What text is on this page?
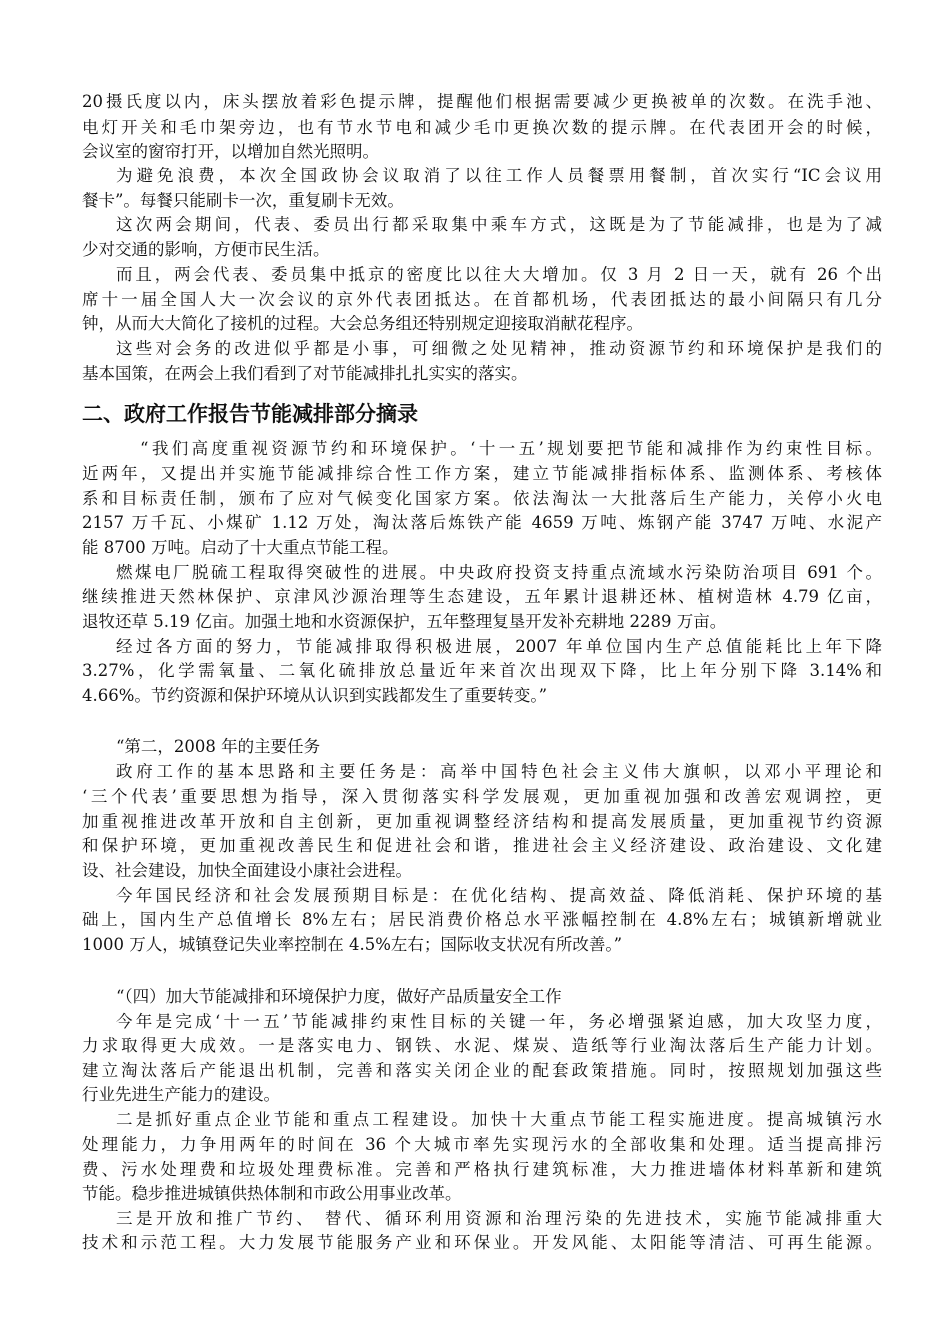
20摄氏度以内，床头摆放着彩色提示牌，提醒他们根据需要减少更换被单的次数。在洗手池、
电灯开关和毛巾架旁边，也有节水节电和减少毛巾更换次数的提示牌。在代表团开会的时候，
会议室的窗帘打开，以增加自然光照明。
为避免浪费，本次全国政协会议取消了以往工作人员餐票用餐制，首次实行“IC会议用
餐卡”。每餐只能刷卡一次，重复刷卡无效。
这次两会期间，代表、委员出行都采取集中乘车方式，这既是为了节能减排，也是为了减
少对交通的影响，方便市民生活。
而且，两会代表、委员集中抵京的密度比以往大大增加。仅 3 月 2 日一天，就有 26 个出
席十一届全国人大一次会议的京外代表团抵达。在首都机场，代表团抵达的最小间隔只有几分
钟，从而大大简化了接机的过程。大会总务组还特别规定迎接取消献花程序。
这些对会务的改进似乎都是小事，可细微之处见精神，推动资源节约和环境保护是我们的
基本国策，在两会上我们看到了对节能减排扎扎实实的落实。
二、政府工作报告节能减排部分摘录
“我们高度重视资源节约和环境保护。‘十一五’规划要把节能和减排作为约束性目标。
近两年，又提出并实施节能减排综合性工作方案，建立节能减排指标体系、监测体系、考核体
系和目标责任制，颁布了应对气候变化国家方案。依法淘汰一大批落后生产能力，关停小火电
2157 万千瓦、小煤矿 1.12 万处，淘汰落后炼铁产能 4659 万吨、炼钢产能 3747 万吨、水泥产
能 8700 万吨。启动了十大重点节能工程。
燃煤电厂脱硫工程取得突破性的进展。中央政府投资支持重点流域水污染防治项目 691 个。
继续推进天然林保护、京津风沙源治理等生态建设，五年累计退耕还林、植树造林 4.79 亿亩，
退牧还草 5.19 亿亩。加强土地和水资源保护，五年整理复垦开发补充耕地 2289 万亩。
经过各方面的努力，节能减排取得积极进展，2007 年单位国内生产总值能耗比上年下降
3.27%，化学需氧量、二氧化硫排放总量近年来首次出现双下降，比上年分别下降 3.14%和
4.66%。节约资源和保护环境从认识到实践都发生了重要转变。”
“第二，2008 年的主要任务
政府工作的基本思路和主要任务是：高举中国特色社会主义伟大旗帜，以邓小平理论和
‘三个代表’重要思想为指导，深入贯彻落实科学发展观，更加重视加强和改善宏观调控，更
加重视推进改革开放和自主创新，更加重视调整经济结构和提高发展质量，更加重视节约资源
和保护环境，更加重视改善民生和促进社会和谐，推进社会主义经济建设、政治建设、文化建
设、社会建设，加快全面建设小康社会进程。
今年国民经济和社会发展预期目标是：在优化结构、提高效益、降低消耗、保护环境的基
础上，国内生产总值增长 8%左右；居民消费价格总水平涨幅控制在 4.8%左右；城镇新增就业
1000 万人，城镇登记失业率控制在 4.5%左右；国际收支状况有所改善。”
“（四）加大节能减排和环境保护力度，做好产品质量安全工作
今年是完成‘十一五’节能减排约束性目标的关键一年，务必增强紧迫感，加大攻坚力度，
力求取得更大成效。一是落实电力、钢铁、水泥、煤炭、造纸等行业淘汰落后生产能力计划。
建立淘汰落后产能退出机制，完善和落实关闭企业的配套政策措施。同时，按照规划加强这些
行业先进生产能力的建设。
二是抓好重点企业节能和重点工程建设。加快十大重点节能工程实施进度。提高城镇污水
处理能力，力争用两年的时间在 36 个大城市率先实现污水的全部收集和处理。适当提高排污
费、污水处理费和垃圾处理费标准。完善和严格执行建筑标准，大力推进墙体材料革新和建筑
节能。稳步推进城镇供热体制和市政公用事业改革。
三是开放和推广节约、 替代、循环利用资源和治理污染的先进技术，实施节能减排重大
技术和示范工程。大力发展节能服务产业和环保业。开发风能、太阳能等清洁、可再生能源。
